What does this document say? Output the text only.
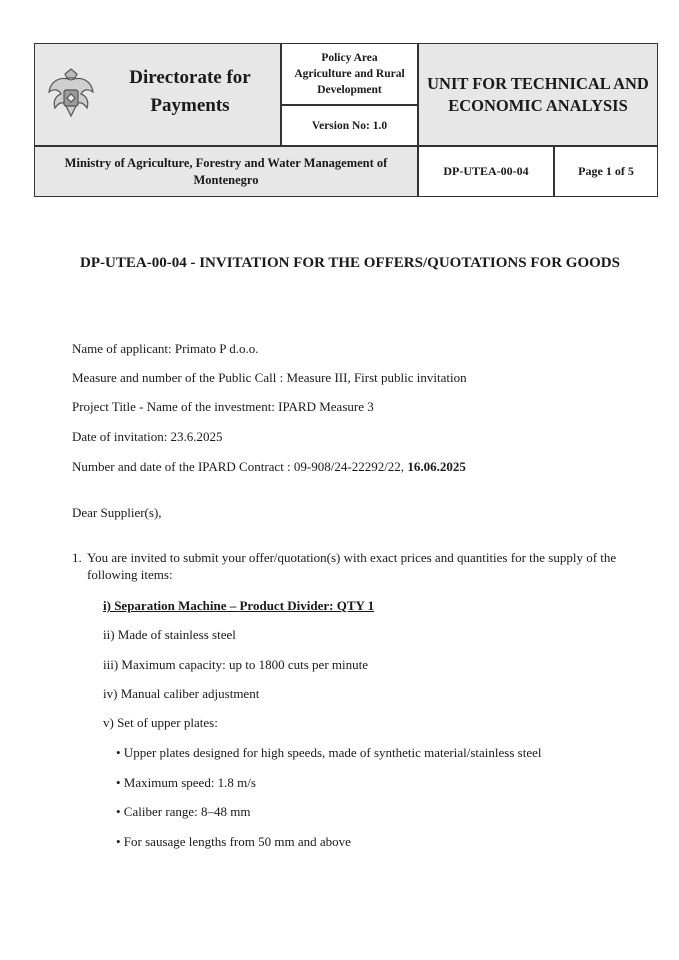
Directorate for Payments
Policy Area
Agriculture and Rural
Development
Version No: 1.0
UNIT FOR TECHNICAL AND ECONOMIC ANALYSIS
Ministry of Agriculture, Forestry and Water Management of Montenegro
DP-UTEA-00-04	Page 1 of 5
DP-UTEA-00-04 - INVITATION FOR THE OFFERS/QUOTATIONS FOR GOODS
Name of applicant: Primato P d.o.o.
Measure and number of the Public Call : Measure III, First public invitation
Project Title - Name of the investment: IPARD Measure 3
Date of invitation: 23.6.2025
Number and date of the IPARD Contract : 09-908/24-22292/22, 16.06.2025
Dear Supplier(s),
1. You are invited to submit your offer/quotation(s) with exact prices and quantities for the supply of the following items:
i) Separation Machine – Product Divider: QTY 1
ii) Made of stainless steel
iii) Maximum capacity: up to 1800 cuts per minute
iv) Manual caliber adjustment
v) Set of upper plates:
• Upper plates designed for high speeds, made of synthetic material/stainless steel
• Maximum speed: 1.8 m/s
• Caliber range: 8–48 mm
• For sausage lengths from 50 mm and above
